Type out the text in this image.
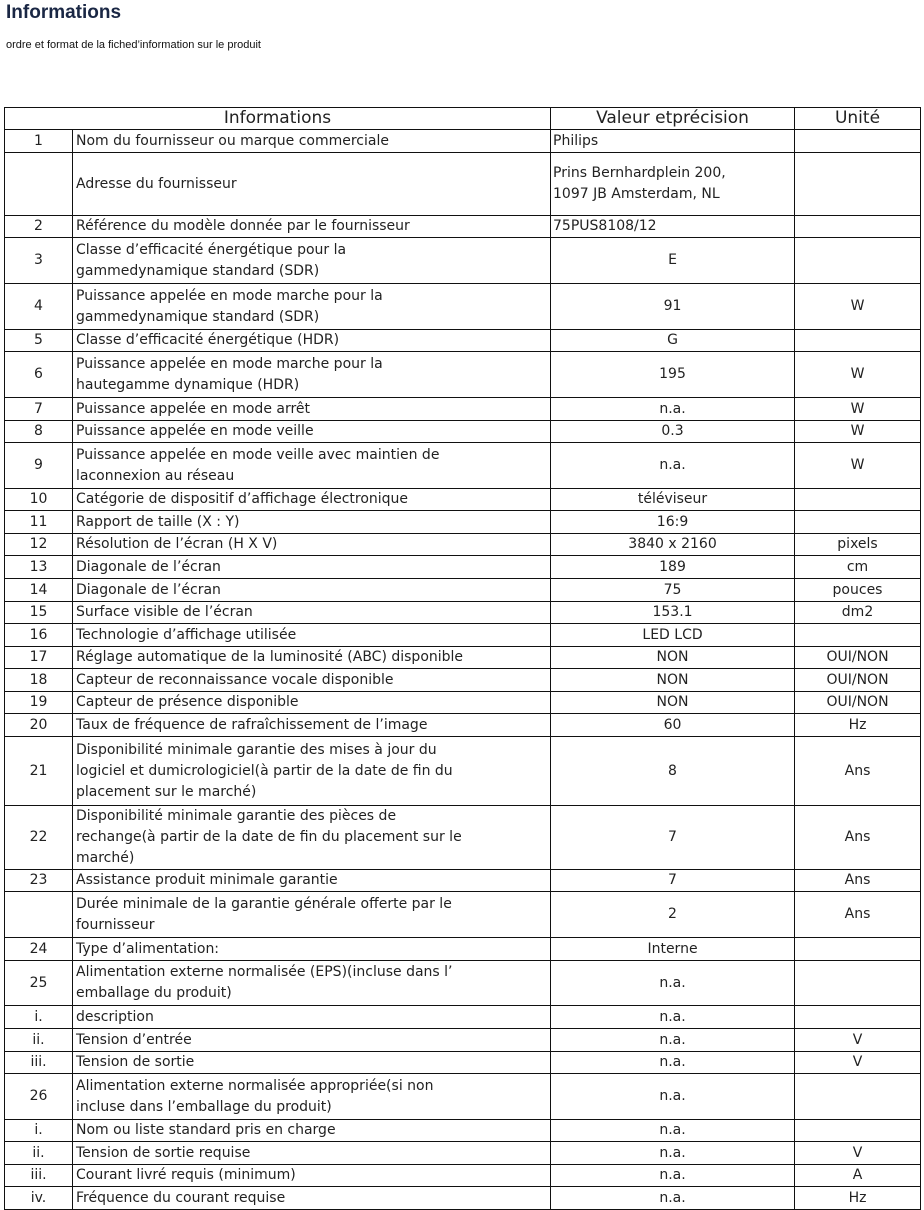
Informations
ordre et format de la fiched’information sur le produit
Informations		Valeur etprécision	Unité
1	Nom du fournisseur ou marque commerciale	Philips	
	Adresse du fournisseur	Prins Bernhardplein 200,
1097 JB Amsterdam, NL	
2	Référence du modèle donnée par le fournisseur	75PUS8108/12	
3	Classe d’efficacité énergétique pour la
gammedynamique standard (SDR)	E	
4	Puissance appelée en mode marche pour la
gammedynamique standard (SDR)	91	W
5	Classe d’efficacité énergétique (HDR)	G	
6	Puissance appelée en mode marche pour la
hautegamme dynamique (HDR)	195	W
7	Puissance appelée en mode arrêt	n.a.	W
8	Puissance appelée en mode veille	0.3	W
9	Puissance appelée en mode veille avec maintien de
laconnexion au réseau	n.a.	W
10	Catégorie de dispositif d’affichage électronique	téléviseur	
11	Rapport de taille (X : Y)	16:9	
12	Résolution de l’écran (H X V)	3840 x 2160	pixels
13	Diagonale de l’écran	189	cm
14	Diagonale de l’écran	75	pouces
15	Surface visible de l’écran	153.1	dm2
16	Technologie d’affichage utilisée	LED LCD	
17	Réglage automatique de la luminosité (ABC) disponible	NON	OUI/NON
18	Capteur de reconnaissance vocale disponible	NON	OUI/NON
19	Capteur de présence disponible	NON	OUI/NON
20	Taux de fréquence de rafraîchissement de l’image	60	Hz
21	Disponibilité minimale garantie des mises à jour du
logiciel et dumicrologiciel(à partir de la date de fin du
placement sur le marché)	8	Ans
22	Disponibilité minimale garantie des pièces de
rechange(à partir de la date de fin du placement sur le
marché)	7	Ans
23	Assistance produit minimale garantie	7	Ans
	Durée minimale de la garantie générale offerte par le
fournisseur	2	Ans
24	Type d’alimentation:	Interne	
25	Alimentation externe normalisée (EPS)(incluse dans l’
emballage du produit)	n.a.	
i.	description	n.a.	
ii.	Tension d’entrée	n.a.	V
iii.	Tension de sortie	n.a.	V
26	Alimentation externe normalisée appropriée(si non
incluse dans l’emballage du produit)	n.a.	
i.	Nom ou liste standard pris en charge	n.a.	
ii.	Tension de sortie requise	n.a.	V
iii.	Courant livré requis (minimum)	n.a.	A
iv.	Fréquence du courant requise	n.a.	Hz
